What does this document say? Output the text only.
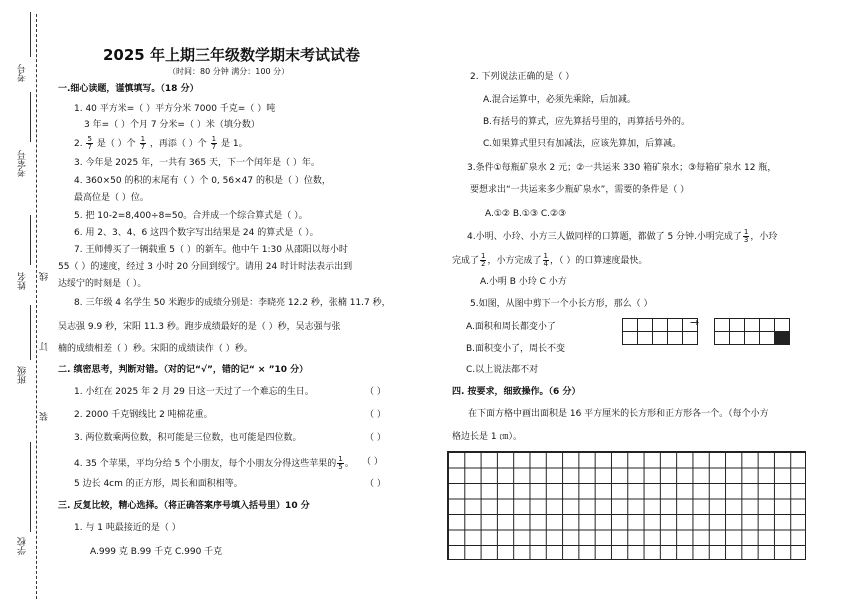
考号
考室号
姓名 线
订
班级
装
学校
2025 年上期三年级数学期末考试试卷
（时间：80 分钟 满分：100 分）
一.细心读题，谨慎填写。（18 分）
1. 40 平方米=（ ）平方分米 7000 千克=（ ）吨
3 年=（ ）个月 7 分米=（ ）米（填分数）
2. $\frac{5}{7}$ 是（ ）个 $\frac{1}{7}$ ，再添（ ）个 $\frac{1}{7}$ 是 1。
3. 今年是 2025 年，一共有 365 天，下一个闰年是（ ）年。
4. 360×50 的积的末尾有（ ）个 0, 56×47 的积是（ ）位数，
最高位是（ ）位。
5. 把 10-2=8,400÷8=50。合并成一个综合算式是（ ）。
6. 用 2、3、4、6 这四个数字写出结果是 24 的算式是（ ）。
7. 王师傅买了一辆载重 5（ ）的新车。他中午 1:30 从邵阳以每小时
55（ ）的速度，经过 3 小时 20 分回到绥宁。请用 24 时计时法表示出到
达绥宁的时刻是（ ）。
8. 三年级 4 名学生 50 米跑步的成绩分别是：李晓亮 12.2 秒，张楠 11.7 秒，
吴志强 9.9 秒，宋阳 11.3 秒。跑步成绩最好的是（ ）秒，吴志强与张
楠的成绩相差（ ）秒。宋阳的成绩读作（ ）秒。
二. 缜密思考，判断对错。（对的记“√”，错的记“ × ”10 分）
1. 小红在 2025 年 2 月 29 日这一天过了一个难忘的生日。	（ ）
2. 2000 千克钢线比 2 吨棉花重。	（ ）
3. 两位数乘两位数，积可能是三位数，也可能是四位数。	（ ）
4. 35 个苹果，平均分给 5 个小朋友，每个小朋友分得这些苹果的 $\frac{1}{5}$ 。 （ ）
5 边长 4cm 的正方形，周长和面积相等。	（ ）
三. 反复比较，精心选择。（将正确答案序号填入括号里）10 分
1. 与 1 吨最接近的是（ ）
A.999 克 B.99 千克 C.990 千克
2. 下列说法正确的是（ ）
A.混合运算中，必须先乘除，后加减。
B.有括号的算式，应先算括号里的，再算括号外的。
C.如果算式里只有加减法，应该先算加，后算减。
3.条件①每瓶矿泉水 2 元；②一共运来 330 箱矿泉水；③每箱矿泉水 12 瓶，
要想求出“一共运来多少瓶矿泉水”，需要的条件是（ ）
A.①② B.①③ C.②③
4.小明、小玲、小方三人做同样的口算题，都做了 5 分钟.小明完成了 $\frac{1}{3}$ ，小玲
完成了 $\frac{1}{2}$ ，小方完成了 $\frac{1}{4}$ ，（ ）的口算速度最快。
A.小明 B 小玲 C 小方
5.如图，从图中剪下一个小长方形，那么（ ）
A.面积和周长都变小了
B.面积变小了，周长不变
C.以上说法都不对

→

四. 按要求，细致操作。（6 分）
在下面方格中画出面积是 16 平方厘米的长方形和正方形各一个。（每个小方
格边长是 1 ㎝）。
